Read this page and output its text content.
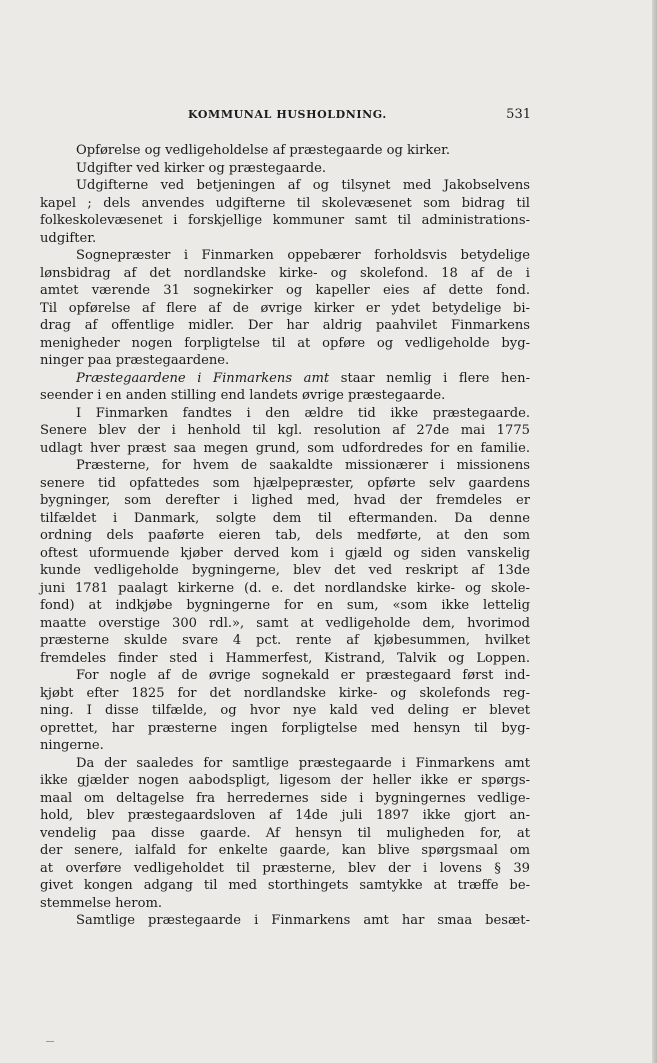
KOMMUNAL HUSHOLDNING.	531
Opførelse og vedligeholdelse af præstegaarde og kirker.
Udgifter ved kirker og præstegaarde.
Udgifterne ved betjeningen af og tilsynet med Jakobselvens
kapel ; dels anvendes udgifterne til skolevæsenet som bidrag til
folkeskolevæsenet i forskjellige kommuner samt til administrations-
udgifter.
Sognepræster i Finmarken oppebærer forholdsvis betydelige
lønsbidrag af det nordlandske kirke- og skolefond. 18 af de i
amtet værende 31 sognekirker og kapeller eies af dette fond.
Til opførelse af flere af de øvrige kirker er ydet betydelige bi-
drag af offentlige midler. Der har aldrig paahvilet Finmarkens
menigheder nogen forpligtelse til at opføre og vedligeholde byg-
ninger paa præstegaardene.
Præstegaardene i Finmarkens amt staar nemlig i flere hen-
seender i en anden stilling end landets øvrige præstegaarde.
I Finmarken fandtes i den ældre tid ikke præstegaarde.
Senere blev der i henhold til kgl. resolution af 27de mai 1775
udlagt hver præst saa megen grund, som udfordredes for en familie.
Præsterne, for hvem de saakaldte missionærer i missionens
senere tid opfattedes som hjælpepræster, opførte selv gaardens
bygninger, som derefter i lighed med, hvad der fremdeles er
tilfældet i Danmark, solgte dem til eftermanden. Da denne
ordning dels paaførte eieren tab, dels medførte, at den som
oftest uformuende kjøber derved kom i gjæld og siden vanskelig
kunde vedligeholde bygningerne, blev det ved reskript af 13de
juni 1781 paalagt kirkerne (d. e. det nordlandske kirke- og skole-
fond) at indkjøbe bygningerne for en sum, «som ikke lettelig
maatte overstige 300 rdl.», samt at vedligeholde dem, hvorimod
præsterne skulde svare 4 pct. rente af kjøbesummen, hvilket
fremdeles finder sted i Hammerfest, Kistrand, Talvik og Loppen.
For nogle af de øvrige sognekald er præstegaard først ind-
kjøbt efter 1825 for det nordlandske kirke- og skolefonds reg-
ning. I disse tilfælde, og hvor nye kald ved deling er blevet
oprettet, har præsterne ingen forpligtelse med hensyn til byg-
ningerne.
Da der saaledes for samtlige præstegaarde i Finmarkens amt
ikke gjælder nogen aabodspligt, ligesom der heller ikke er spørgs-
maal om deltagelse fra herredernes side i bygningernes vedlige-
hold, blev præstegaardsloven af 14de juli 1897 ikke gjort an-
vendelig paa disse gaarde. Af hensyn til muligheden for, at
der senere, ialfald for enkelte gaarde, kan blive spørgsmaal om
at overføre vedligeholdet til præsterne, blev der i lovens § 39
givet kongen adgang til med storthingets samtykke at træffe be-
stemmelse herom.
Samtlige præstegaarde i Finmarkens amt har smaa besæt-
